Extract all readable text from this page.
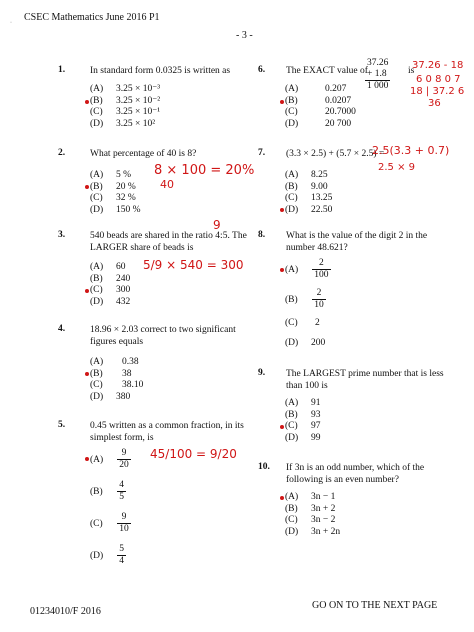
CSEC Mathematics June 2016 P1
- 3 -
·
1.	In standard form 0.0325 is written as
(A) 3.25 × 10⁻³
(B) 3.25 × 10⁻²
(C) 3.25 × 10⁻¹
(D) 3.25 × 10²
2.	What percentage of 40 is 8?
(A) 5 %
(B) 20 %
(C) 32 %
(D) 150 %
8 × 100 = 20%
40
3.	540 beads are shared in the ratio 4:5. The
LARGER share of beads is
9
(A) 60
(B) 240
(C) 300
(D) 432
5/9 × 540 = 300
4.	18.96 × 2.03 correct to two significant
figures equals
(A) 0.38
(B) 38
(C) 38.10
(D) 380
5.	0.45 written as a common fraction, in its
simplest form, is
$(A) \frac{9}{20}$
$(B) \frac{4}{5}$
$(C) \frac{9}{10}$
$(D) \frac{5}{4}$
45/100 = 9/20
6. The EXACT value of
37.26 + 1.8
1 000
is
(A)	0.207
(B)	0.0207
(C)	20.7000
(D)	20 700
37.26 - 18
6 0 8 0 7
18 | 37.2 6
36
7. (3.3 × 2.5) + (5.7 × 2.5) =
2.5(3.3 + 0.7)
2.5 × 9
(A) 8.25
(B) 9.00
(C) 13.25
(D) 22.50
8. What is the value of the digit 2 in the
number 48.621?
$(A) \frac{2}{100}$
$(B) \frac{2}{10}$
(C) 2
(D) 200
9. The LARGEST prime number that is less
than 100 is
(A) 91
(B) 93
(C) 97
(D) 99
10. If 3n is an odd number, which of the
following is an even number?
(A) 3n − 1
(B) 3n + 2
(C) 3n − 2
(D) 3n + 2n
01234010/F 2016
GO ON TO THE NEXT PAGE
